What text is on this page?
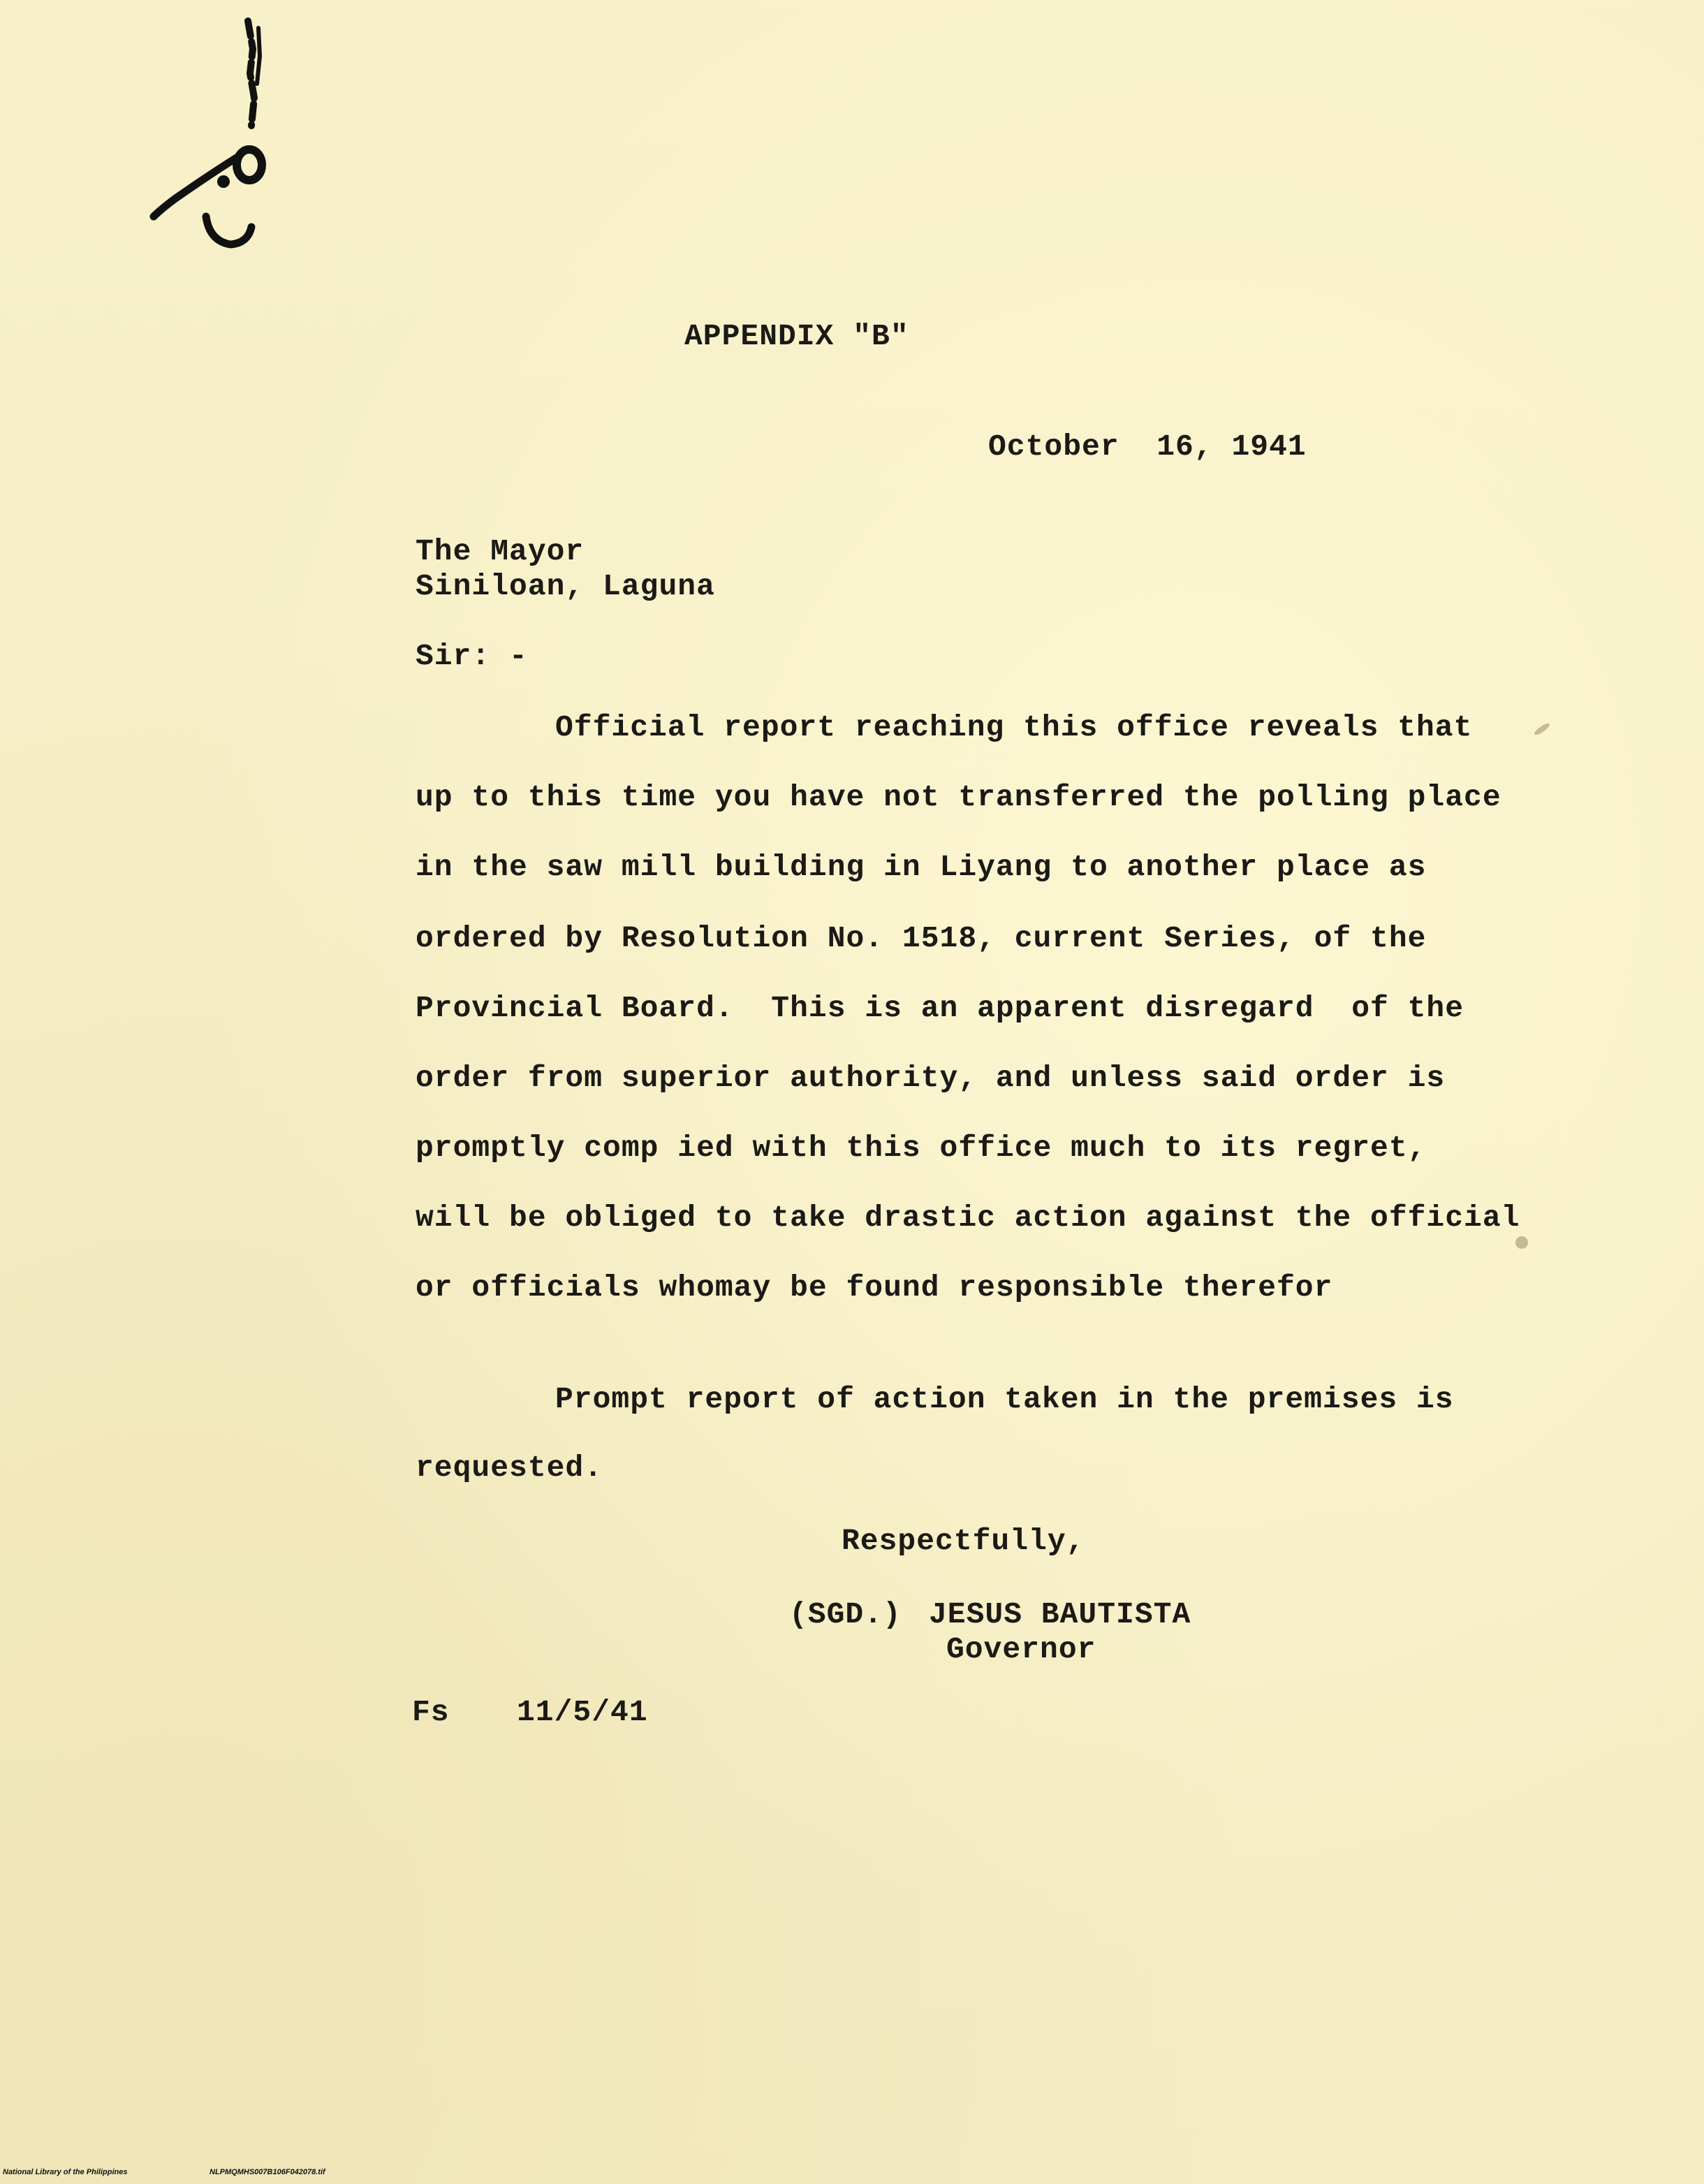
APPENDIX "B"

October  16, 1941

The Mayor

Siniloan, Laguna

Sir: -

Official report reaching this office reveals that

up to this time you have not transferred the polling place

in the saw mill building in Liyang to another place as

ordered by Resolution No. 1518, current Series, of the

Provincial Board.  This is an apparent disregard  of the

order from superior authority, and unless said order is

promptly comp ied with this office much to its regret,

will be obliged to take drastic action against the official

or officials whomay be found responsible therefor

Prompt report of action taken in the premises is

requested.

Respectfully,

(SGD.) JESUS BAUTISTA

Governor

Fs 11/5/41

National Library of the Philippines	NLPMQMHS007B106F042078.tif
